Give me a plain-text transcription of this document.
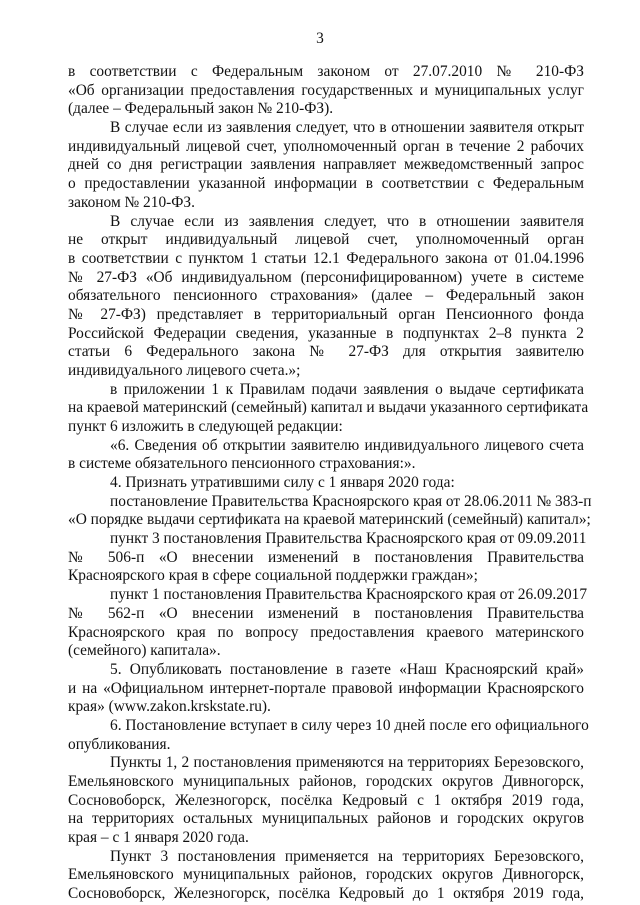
3
в соответствии с Федеральным законом от 27.07.2010 № 210-ФЗ
«Об организации предоставления государственных и муниципальных услуг
(далее – Федеральный закон № 210-ФЗ).
В случае если из заявления следует, что в отношении заявителя открыт
индивидуальный лицевой счет, уполномоченный орган в течение 2 рабочих
дней со дня регистрации заявления направляет межведомственный запрос
о предоставлении указанной информации в соответствии с Федеральным
законом № 210-ФЗ.
В случае если из заявления следует, что в отношении заявителя
не открыт индивидуальный лицевой счет, уполномоченный орган
в соответствии с пунктом 1 статьи 12.1 Федерального закона от 01.04.1996
№ 27-ФЗ «Об индивидуальном (персонифицированном) учете в системе
обязательного пенсионного страхования» (далее – Федеральный закон
№ 27-ФЗ) представляет в территориальный орган Пенсионного фонда
Российской Федерации сведения, указанные в подпунктах 2–8 пункта 2
статьи 6 Федерального закона № 27-ФЗ для открытия заявителю
индивидуального лицевого счета.»;
в приложении 1 к Правилам подачи заявления о выдаче сертификата
на краевой материнский (семейный) капитал и выдачи указанного сертификата
пункт 6 изложить в следующей редакции:
«6. Сведения об открытии заявителю индивидуального лицевого счета
в системе обязательного пенсионного страхования:».
4. Признать утратившими силу с 1 января 2020 года:
постановление Правительства Красноярского края от 28.06.2011 № 383-п
«О порядке выдачи сертификата на краевой материнский (семейный) капитал»;
пункт 3 постановления Правительства Красноярского края от 09.09.2011
№ 506-п «О внесении изменений в постановления Правительства
Красноярского края в сфере социальной поддержки граждан»;
пункт 1 постановления Правительства Красноярского края от 26.09.2017
№ 562-п «О внесении изменений в постановления Правительства
Красноярского края по вопросу предоставления краевого материнского
(семейного) капитала».
5. Опубликовать постановление в газете «Наш Красноярский край»
и на «Официальном интернет-портале правовой информации Красноярского
края» (www.zakon.krskstate.ru).
6. Постановление вступает в силу через 10 дней после его официального
опубликования.
Пункты 1, 2 постановления применяются на территориях Березовского,
Емельяновского муниципальных районов, городских округов Дивногорск,
Сосновоборск, Железногорск, посёлка Кедровый с 1 октября 2019 года,
на территориях остальных муниципальных районов и городских округов
края – с 1 января 2020 года.
Пункт 3 постановления применяется на территориях Березовского,
Емельяновского муниципальных районов, городских округов Дивногорск,
Сосновоборск, Железногорск, посёлка Кедровый до 1 октября 2019 года,
